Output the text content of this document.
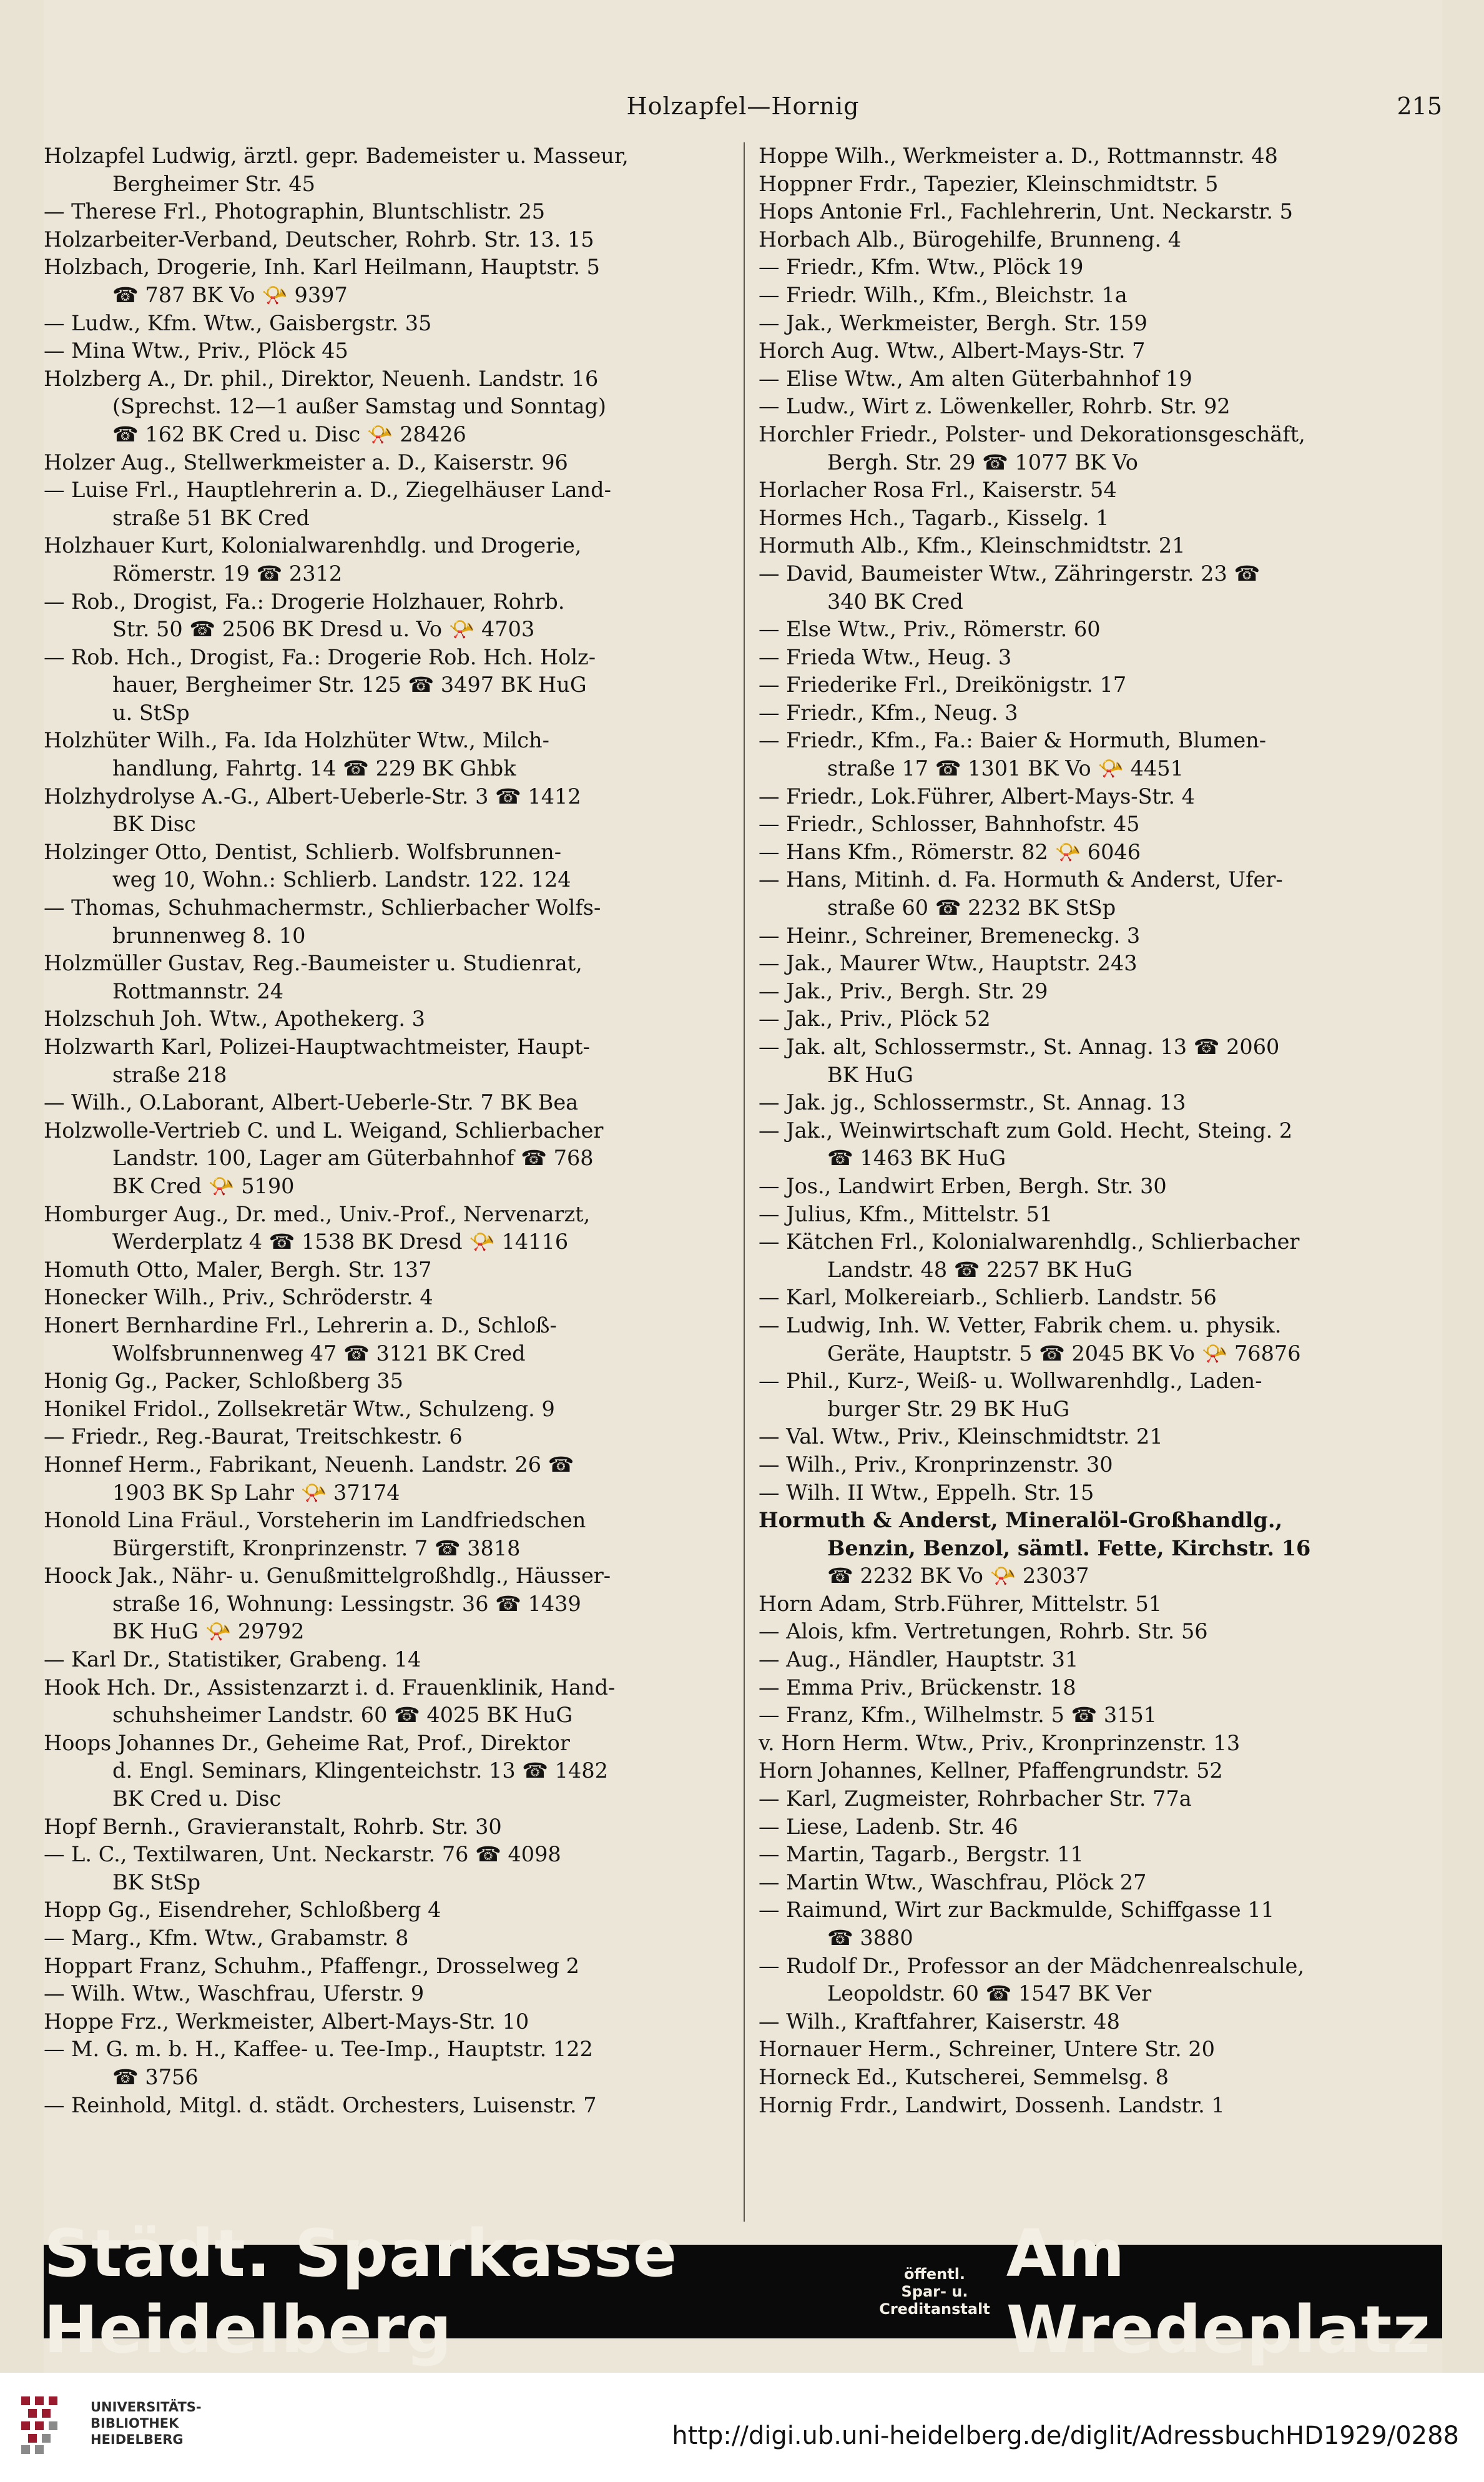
Holzapfel—Hornig	215
Holzapfel Ludwig, ärztl. gepr. Bademeister u. Masseur,
Bergheimer Str. 45
— Therese Frl., Photographin, Bluntschlistr. 25
Holzarbeiter-Verband, Deutscher, Rohrb. Str. 13. 15
Holzbach, Drogerie, Inh. Karl Heilmann, Hauptstr. 5
☎ 787 BK Vo 📯 9397
— Ludw., Kfm. Wtw., Gaisbergstr. 35
— Mina Wtw., Priv., Plöck 45
Holzberg A., Dr. phil., Direktor, Neuenh. Landstr. 16
(Sprechst. 12—1 außer Samstag und Sonntag)
☎ 162 BK Cred u. Disc 📯 28426
Holzer Aug., Stellwerkmeister a. D., Kaiserstr. 96
— Luise Frl., Hauptlehrerin a. D., Ziegelhäuser Land-
straße 51 BK Cred
Holzhauer Kurt, Kolonialwarenhdlg. und Drogerie,
Römerstr. 19 ☎ 2312
— Rob., Drogist, Fa.: Drogerie Holzhauer, Rohrb.
Str. 50 ☎ 2506 BK Dresd u. Vo 📯 4703
— Rob. Hch., Drogist, Fa.: Drogerie Rob. Hch. Holz-
hauer, Bergheimer Str. 125 ☎ 3497 BK HuG
u. StSp
Holzhüter Wilh., Fa. Ida Holzhüter Wtw., Milch-
handlung, Fahrtg. 14 ☎ 229 BK Ghbk
Holzhydrolyse A.-G., Albert-Ueberle-Str. 3 ☎ 1412
BK Disc
Holzinger Otto, Dentist, Schlierb. Wolfsbrunnen-
weg 10, Wohn.: Schlierb. Landstr. 122. 124
— Thomas, Schuhmachermstr., Schlierbacher Wolfs-
brunnenweg 8. 10
Holzmüller Gustav, Reg.-Baumeister u. Studienrat,
Rottmannstr. 24
Holzschuh Joh. Wtw., Apothekerg. 3
Holzwarth Karl, Polizei-Hauptwachtmeister, Haupt-
straße 218
— Wilh., O.Laborant, Albert-Ueberle-Str. 7 BK Bea
Holzwolle-Vertrieb C. und L. Weigand, Schlierbacher
Landstr. 100, Lager am Güterbahnhof ☎ 768
BK Cred 📯 5190
Homburger Aug., Dr. med., Univ.-Prof., Nervenarzt,
Werderplatz 4 ☎ 1538 BK Dresd 📯 14116
Homuth Otto, Maler, Bergh. Str. 137
Honecker Wilh., Priv., Schröderstr. 4
Honert Bernhardine Frl., Lehrerin a. D., Schloß-
Wolfsbrunnenweg 47 ☎ 3121 BK Cred
Honig Gg., Packer, Schloßberg 35
Honikel Fridol., Zollsekretär Wtw., Schulzeng. 9
— Friedr., Reg.-Baurat, Treitschkestr. 6
Honnef Herm., Fabrikant, Neuenh. Landstr. 26 ☎
1903 BK Sp Lahr 📯 37174
Honold Lina Fräul., Vorsteherin im Landfriedschen
Bürgerstift, Kronprinzenstr. 7 ☎ 3818
Hoock Jak., Nähr- u. Genußmittelgroßhdlg., Häusser-
straße 16, Wohnung: Lessingstr. 36 ☎ 1439
BK HuG 📯 29792
— Karl Dr., Statistiker, Grabeng. 14
Hook Hch. Dr., Assistenzarzt i. d. Frauenklinik, Hand-
schuhsheimer Landstr. 60 ☎ 4025 BK HuG
Hoops Johannes Dr., Geheime Rat, Prof., Direktor
d. Engl. Seminars, Klingenteichstr. 13 ☎ 1482
BK Cred u. Disc
Hopf Bernh., Gravieranstalt, Rohrb. Str. 30
— L. C., Textilwaren, Unt. Neckarstr. 76 ☎ 4098
BK StSp
Hopp Gg., Eisendreher, Schloßberg 4
— Marg., Kfm. Wtw., Grabamstr. 8
Hoppart Franz, Schuhm., Pfaffengr., Drosselweg 2
— Wilh. Wtw., Waschfrau, Uferstr. 9
Hoppe Frz., Werkmeister, Albert-Mays-Str. 10
— M. G. m. b. H., Kaffee- u. Tee-Imp., Hauptstr. 122
☎ 3756
— Reinhold, Mitgl. d. städt. Orchesters, Luisenstr. 7
Hoppe Wilh., Werkmeister a. D., Rottmannstr. 48
Hoppner Frdr., Tapezier, Kleinschmidtstr. 5
Hops Antonie Frl., Fachlehrerin, Unt. Neckarstr. 5
Horbach Alb., Bürogehilfe, Brunneng. 4
— Friedr., Kfm. Wtw., Plöck 19
— Friedr. Wilh., Kfm., Bleichstr. 1a
— Jak., Werkmeister, Bergh. Str. 159
Horch Aug. Wtw., Albert-Mays-Str. 7
— Elise Wtw., Am alten Güterbahnhof 19
— Ludw., Wirt z. Löwenkeller, Rohrb. Str. 92
Horchler Friedr., Polster- und Dekorationsgeschäft,
Bergh. Str. 29 ☎ 1077 BK Vo
Horlacher Rosa Frl., Kaiserstr. 54
Hormes Hch., Tagarb., Kisselg. 1
Hormuth Alb., Kfm., Kleinschmidtstr. 21
— David, Baumeister Wtw., Zähringerstr. 23 ☎
340 BK Cred
— Else Wtw., Priv., Römerstr. 60
— Frieda Wtw., Heug. 3
— Friederike Frl., Dreikönigstr. 17
— Friedr., Kfm., Neug. 3
— Friedr., Kfm., Fa.: Baier & Hormuth, Blumen-
straße 17 ☎ 1301 BK Vo 📯 4451
— Friedr., Lok.Führer, Albert-Mays-Str. 4
— Friedr., Schlosser, Bahnhofstr. 45
— Hans Kfm., Römerstr. 82 📯 6046
— Hans, Mitinh. d. Fa. Hormuth & Anderst, Ufer-
straße 60 ☎ 2232 BK StSp
— Heinr., Schreiner, Bremeneckg. 3
— Jak., Maurer Wtw., Hauptstr. 243
— Jak., Priv., Bergh. Str. 29
— Jak., Priv., Plöck 52
— Jak. alt, Schlossermstr., St. Annag. 13 ☎ 2060
BK HuG
— Jak. jg., Schlossermstr., St. Annag. 13
— Jak., Weinwirtschaft zum Gold. Hecht, Steing. 2
☎ 1463 BK HuG
— Jos., Landwirt Erben, Bergh. Str. 30
— Julius, Kfm., Mittelstr. 51
— Kätchen Frl., Kolonialwarenhdlg., Schlierbacher
Landstr. 48 ☎ 2257 BK HuG
— Karl, Molkereiarb., Schlierb. Landstr. 56
— Ludwig, Inh. W. Vetter, Fabrik chem. u. physik.
Geräte, Hauptstr. 5 ☎ 2045 BK Vo 📯 76876
— Phil., Kurz-, Weiß- u. Wollwarenhdlg., Laden-
burger Str. 29 BK HuG
— Val. Wtw., Priv., Kleinschmidtstr. 21
— Wilh., Priv., Kronprinzenstr. 30
— Wilh. II Wtw., Eppelh. Str. 15
Hormuth & Anderst, Mineralöl-Großhandlg.,
Benzin, Benzol, sämtl. Fette, Kirchstr. 16
☎ 2232 BK Vo 📯 23037
Horn Adam, Strb.Führer, Mittelstr. 51
— Alois, kfm. Vertretungen, Rohrb. Str. 56
— Aug., Händler, Hauptstr. 31
— Emma Priv., Brückenstr. 18
— Franz, Kfm., Wilhelmstr. 5 ☎ 3151
v. Horn Herm. Wtw., Priv., Kronprinzenstr. 13
Horn Johannes, Kellner, Pfaffengrundstr. 52
— Karl, Zugmeister, Rohrbacher Str. 77a
— Liese, Ladenb. Str. 46
— Martin, Tagarb., Bergstr. 11
— Martin Wtw., Waschfrau, Plöck 27
— Raimund, Wirt zur Backmulde, Schiffgasse 11
☎ 3880
— Rudolf Dr., Professor an der Mädchenrealschule,
Leopoldstr. 60 ☎ 1547 BK Ver
— Wilh., Kraftfahrer, Kaiserstr. 48
Hornauer Herm., Schreiner, Untere Str. 20
Horneck Ed., Kutscherei, Semmelsg. 8
Hornig Frdr., Landwirt, Dossenh. Landstr. 1
Städt. Sparkasse Heidelberg
öffentl. Spar- u.
Creditanstalt
Am Wredeplatz
UNIVERSITÄTS-
BIBLIOTHEK
HEIDELBERG	http://digi.ub.uni-heidelberg.de/diglit/AdressbuchHD1929/0288
